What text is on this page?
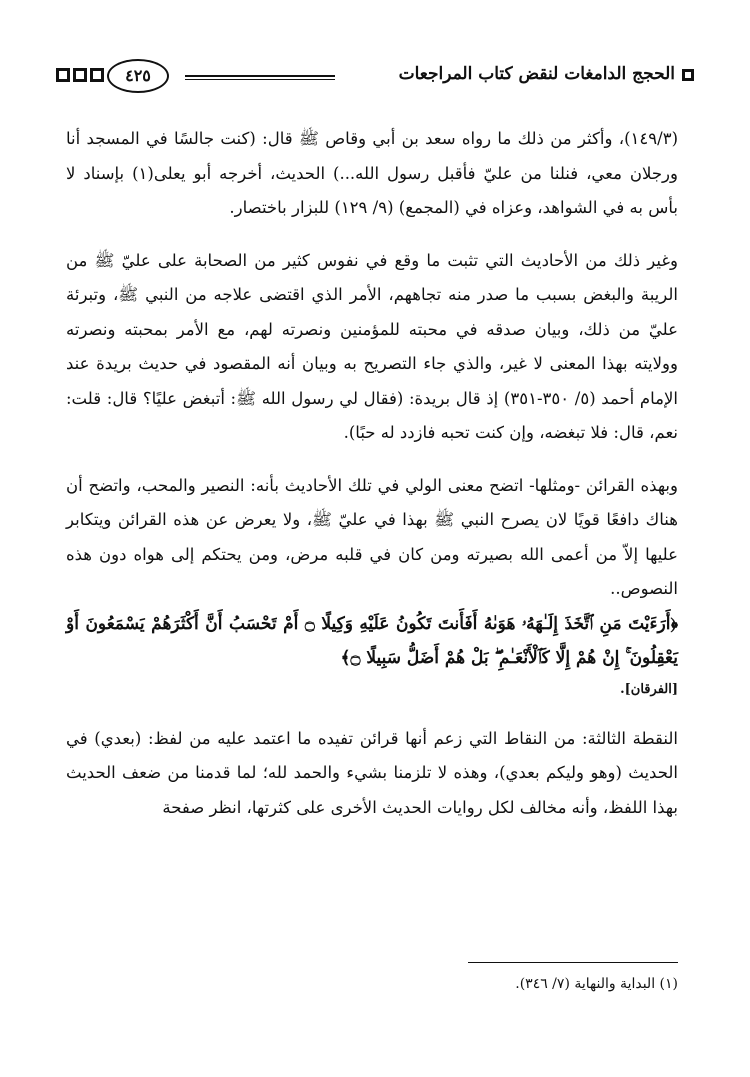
الحجج الدامغات لنقض كتاب المراجعات
٤٢٥

(١٤٩/٣)، وأكثر من ذلك ما رواه سعد بن أبي وقاص ﷺ قال: (كنت جالسًا في المسجد أنا ورجلان معي، فنلنا من عليّ فأقبل رسول الله...) الحديث، أخرجه أبو يعلى(١) بإسناد لا بأس به في الشواهد، وعزاه في (المجمع) (٩/ ١٢٩) للبزار باختصار.

وغير ذلك من الأحاديث التي تثبت ما وقع في نفوس كثير من الصحابة على عليّ ﷺ من الريبة والبغض بسبب ما صدر منه تجاههم، الأمر الذي اقتضى علاجه من النبي ﷺ، وتبرئة عليّ من ذلك، وبيان صدقه في محبته للمؤمنين ونصرته لهم، مع الأمر بمحبته ونصرته وولايته بهذا المعنى لا غير، والذي جاء التصريح به وبيان أنه المقصود في حديث بريدة عند الإمام أحمد (٥/ ٣٥٠-٣٥١) إذ قال بريدة: (فقال لي رسول الله ﷺ: أتبغض عليًا؟ قال: قلت: نعم، قال: فلا تبغضه، وإن كنت تحبه فازدد له حبًا).

وبهذه القرائن -ومثلها- اتضح معنى الولي في تلك الأحاديث بأنه: النصير والمحب، واتضح أن هناك دافعًا قويًا لان يصرح النبي ﷺ بهذا في عليّ ﷺ، ولا يعرض عن هذه القرائن ويتكابر عليها إلاّ من أعمى الله بصيرته ومن كان في قلبه مرض، ومن يحتكم إلى هواه دون هذه النصوص..

﴿أَرَءَيْتَ مَنِ ٱتَّخَذَ إِلَـٰهَهُۥ هَوَىٰهُ أَفَأَنتَ تَكُونُ عَلَيْهِ وَكِيلًا ۝ أَمْ تَحْسَبُ أَنَّ أَكْثَرَهُمْ يَسْمَعُونَ أَوْ يَعْقِلُونَ ۚ إِنْ هُمْ إِلَّا كَٱلْأَنْعَـٰمِ ۖ بَلْ هُمْ أَضَلُّ سَبِيلًا ۝﴾

[الفرقان].

النقطة الثالثة: من النقاط التي زعم أنها قرائن تفيده ما اعتمد عليه من لفظ: (بعدي) في الحديث (وهو وليكم بعدي)، وهذه لا تلزمنا بشيء والحمد لله؛ لما قدمنا من ضعف الحديث بهذا اللفظ، وأنه مخالف لكل روايات الحديث الأخرى على كثرتها، انظر صفحة

(١) البداية والنهاية (٧/ ٣٤٦).
